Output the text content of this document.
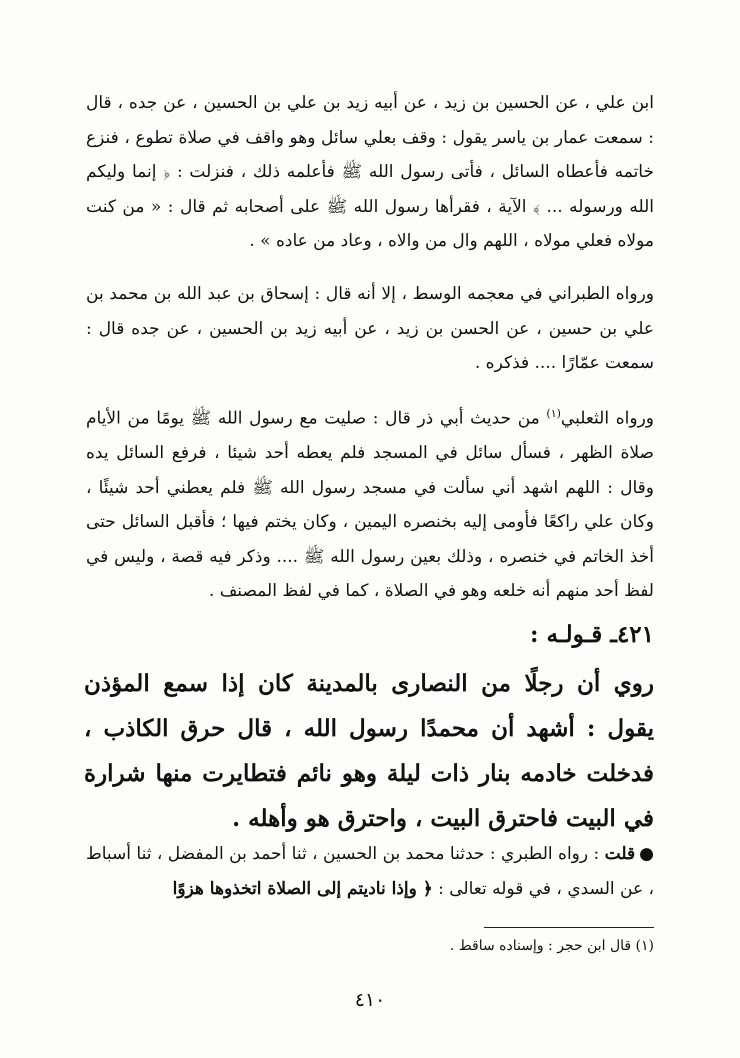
ابن علي ، عن الحسين بن زيد ، عن أبيه زيد بن علي بن الحسين ، عن جده ، قال : سمعت عمار بن ياسر يقول : وقف بعلي سائل وهو واقف في صلاة تطوع ، فنزع خاتمه فأعطاه السائل ، فأتى رسول الله ﷺ فأعلمه ذلك ، فنزلت : ﴿ إنما وليكم الله ورسوله ... ﴾ الآية ، فقرأها رسول الله ﷺ على أصحابه ثم قال : « من كنت مولاه فعلي مولاه ، اللهم وال من والاه ، وعاد من عاده » .

ورواه الطبراني في معجمه الوسط ، إلا أنه قال : إسحاق بن عبد الله بن محمد بن علي بن حسين ، عن الحسن بن زيد ، عن أبيه زيد بن الحسين ، عن جده قال : سمعت عمّارًا .... فذكره .

ورواه الثعلبي$^{(١)}$ من حديث أبي ذر قال : صليت مع رسول الله ﷺ يومًا من الأيام صلاة الظهر ، فسأل سائل في المسجد فلم يعطه أحد شيئا ، فرفع السائل يده وقال : اللهم اشهد أني سألت في مسجد رسول الله ﷺ فلم يعطني أحد شيئًا ، وكان علي راكعًا فأومى إليه بخنصره اليمين ، وكان يختم فيها ؛ فأقبل السائل حتى أخذ الخاتم في خنصره ، وذلك بعين رسول الله ﷺ .... وذكر فيه قصة ، وليس في لفظ أحد منهم أنه خلعه وهو في الصلاة ، كما في لفظ المصنف .

٤٢١ـ قـولـه :

روي أن رجلًا من النصارى بالمدينة كان إذا سمع المؤذن يقول : أشهد أن محمدًا رسول الله ، قال حرق الكاذب ، فدخلت خادمه بنار ذات ليلة وهو نائم فتطايرت منها شرارة في البيت فاحترق البيت ، واحترق هو وأهله .

●قلت : رواه الطبري : حدثنا محمد بن الحسين ، ثنا أحمد بن المفضل ، ثنا أسباط ، عن السدي ، في قوله تعالى : ﴿ وإذا ناديتم إلى الصلاة اتخذوها هزوًا

(١) قال ابن حجر : وإسناده ساقط .

٤١٠
